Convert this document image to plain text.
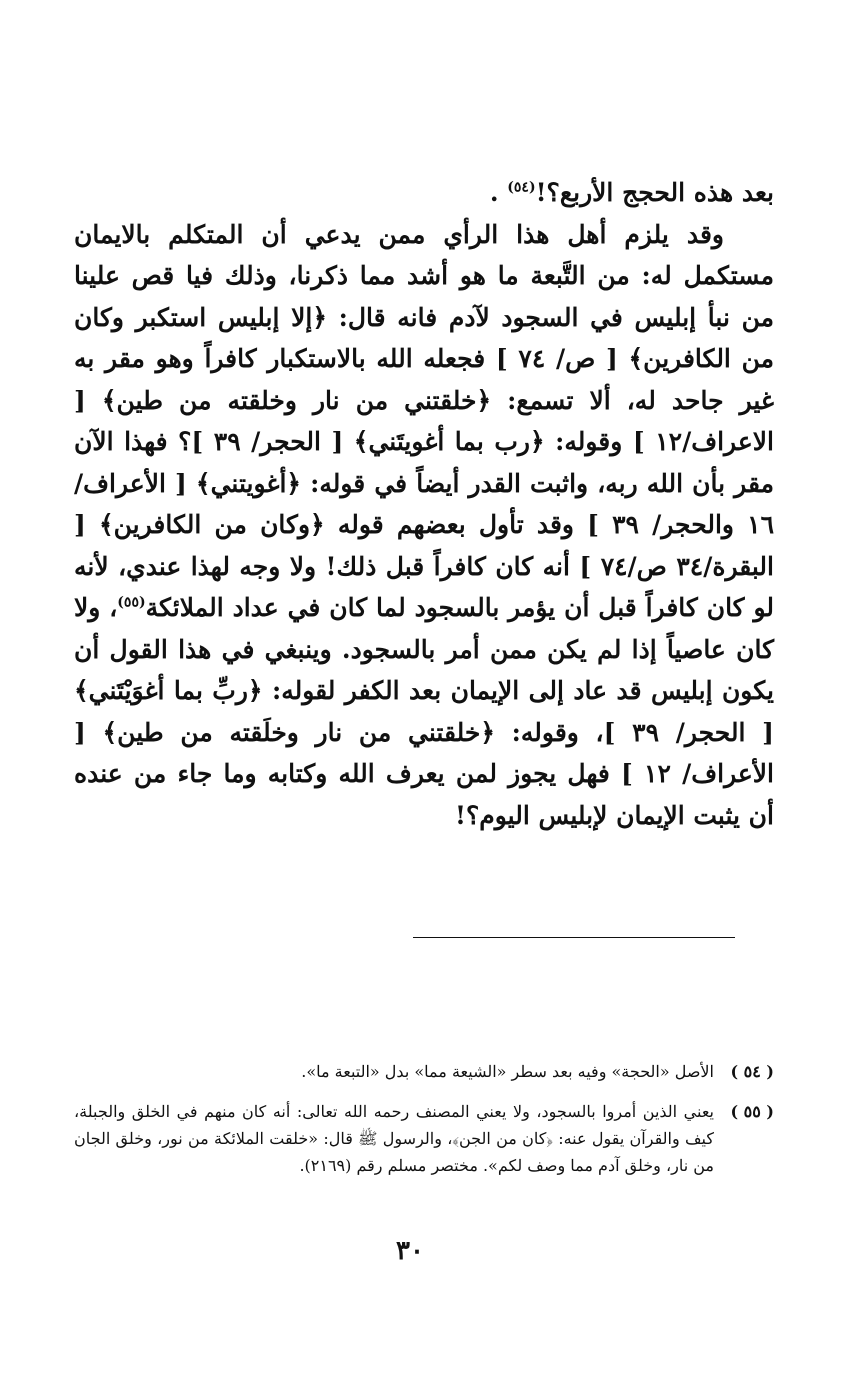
بعد هذه الحجج الأربع؟!$^{(٥٤)}$ .

وقد يلزم أهل هذا الرأي ممن يدعي أن المتكلم بالايمان مستكمل له: من التَّبعة ما هو أشد مما ذكرنا، وذلك فيا قص علينا من نبأ إبليس في السجود لآدم فانه قال: ﴿إلا إبليس استكبر وكان من الكافرين﴾ [ ص/ ٧٤ ] فجعله الله بالاستكبار كافراً وهو مقر به غير جاحد له، ألا تسمع: ﴿خلقتني من نار وخلقته من طين﴾ [ الاعراف/١٢ ] وقوله: ﴿رب بما أغويتَني﴾ [ الحجر/ ٣٩ ]؟ فهذا الآن مقر بأن الله ربه، واثبت القدر أيضاً في قوله: ﴿أغويتني﴾ [ الأعراف/ ١٦ والحجر/ ٣٩ ] وقد تأول بعضهم قوله ﴿وكان من الكافرين﴾ [ البقرة/٣٤ ص/٧٤ ] أنه كان كافراً قبل ذلك! ولا وجه لهذا عندي، لأنه لو كان كافراً قبل أن يؤمر بالسجود لما كان في عداد الملائكة$^{(٥٥)}$، ولا كان عاصياً إذا لم يكن ممن أمر بالسجود. وينبغي في هذا القول أن يكون إبليس قد عاد إلى الإيمان بعد الكفر لقوله: ﴿ربِّ بما أغوَيْتَني﴾ [ الحجر/ ٣٩ ]، وقوله: ﴿خلقتني من نار وخلَقته من طين﴾ [ الأعراف/ ١٢ ] فهل يجوز لمن يعرف الله وكتابه وما جاء من عنده أن يثبت الإيمان لإبليس اليوم؟!

( ٥٤ )
الأصل «الحجة» وفيه بعد سطر «الشيعة مما» بدل «التبعة ما».
( ٥٥ )
يعني الذين أمروا بالسجود، ولا يعني المصنف رحمه الله تعالى: أنه كان منهم في الخلق والجبلة، كيف والقرآن يقول عنه: ﴿كان من الجن﴾، والرسول ﷺ قال: «خلقت الملائكة من نور، وخلق الجان من نار، وخلق آدم مما وصف لكم». مختصر مسلم رقم (٢١٦٩).
٣٠
